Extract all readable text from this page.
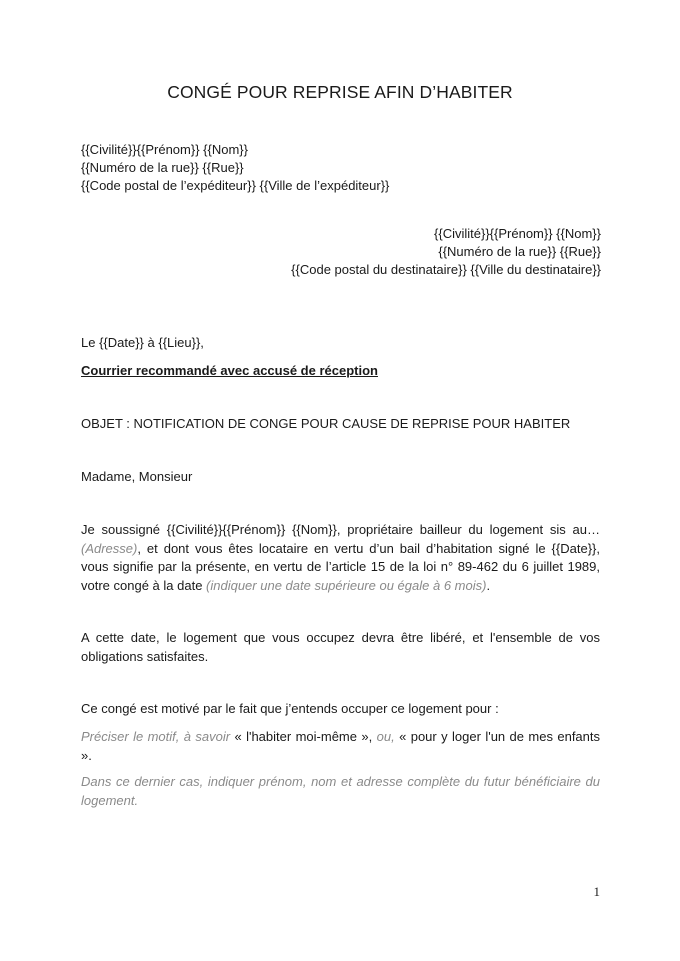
CONGÉ POUR REPRISE AFIN D’HABITER
{{Civilité}}{{Prénom}} {{Nom}}
{{Numéro de la rue}} {{Rue}}
{{Code postal de l’expéditeur}} {{Ville de l’expéditeur}}
{{Civilité}}{{Prénom}} {{Nom}}
{{Numéro de la rue}} {{Rue}}
{{Code postal du destinataire}} {{Ville du destinataire}}
Le {{Date}} à {{Lieu}},
Courrier recommandé avec accusé de réception
OBJET : NOTIFICATION DE CONGE POUR CAUSE DE REPRISE POUR HABITER
Madame, Monsieur
Je soussigné {{Civilité}}{{Prénom}} {{Nom}}, propriétaire bailleur du logement sis au… (Adresse), et dont vous êtes locataire en vertu d’un bail d’habitation signé le {{Date}}, vous signifie par la présente, en vertu de l’article 15 de la loi n° 89-462 du 6 juillet 1989, votre congé à la date (indiquer une date supérieure ou égale à 6 mois).
A cette date, le logement que vous occupez devra être libéré, et l'ensemble de vos obligations satisfaites.
Ce congé est motivé par le fait que j’entends occuper ce logement pour :
Préciser le motif, à savoir « l'habiter moi-même », ou, « pour y loger l'un de mes enfants ».
Dans ce dernier cas, indiquer prénom, nom et adresse complète du futur bénéficiaire du logement.
1
